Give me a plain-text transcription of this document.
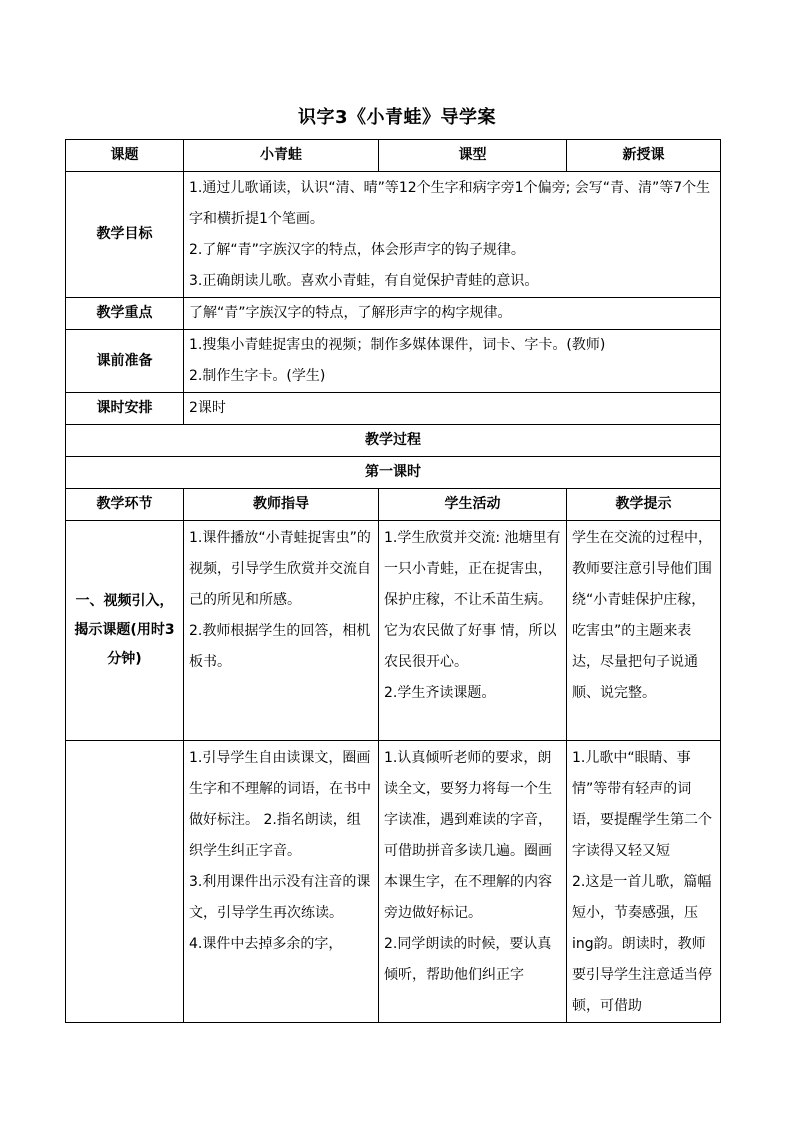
识字3《小青蛙》导学案
课题	小青蛙	课型	新授课
教学目标	1.通过儿歌诵读，认识“清、晴”等12个生字和病字旁1个偏旁; 会写“青、清”等7个生字和横折提1个笔画。
2.了解“青”字族汉字的特点，体会形声字的钩子规律。
3.正确朗读儿歌。喜欢小青蛙，有自觉保护青蛙的意识。		

教学重点	了解“青”字族汉字的特点，了解形声字的构字规律。		
课前准备	1.搜集小青蛙捉害虫的视频；制作多媒体课件，词卡、字卡。(教师)
2.制作生字卡。(学生)		

课时安排	2课时		
教学过程			
第一课时			
教学环节	教师指导	学生活动	教学提示
一、视频引入，揭示课题(用时3分钟)	1.课件播放“小青蛙捉害虫”的视频，引导学生欣赏并交流自己的所见和所感。
2.教师根据学生的回答，相机板书。	1.学生欣赏并交流: 池塘里有一只小青蛙，正在捉害虫，保护庄稼，不让禾苗生病。它为农民做了好事 情，所以农民很开心。
2.学生齐读课题。	学生在交流的过程中，教师要注意引导他们围绕“小青蛙保护庄稼，吃害虫”的主题来表达，尽量把句子说通顺、说完整。

	1.引导学生自由读课文，圈画生字和不理解的词语，在书中做好标注。 2.指名朗读，组织学生纠正字音。
3.利用课件出示没有注音的课文，引导学生再次练读。
4.课件中去掉多余的字，	1.认真倾听老师的要求，朗读全文，要努力将每一个生字读准，遇到难读的字音，可借助拼音多读几遍。圈画本课生字，在不理解的内容旁边做好标记。
2.同学朗读的时候，要认真倾听，帮助他们纠正字	1.儿歌中“眼睛、事情”等带有轻声的词语，要提醒学生第二个字读得又轻又短
2.这是一首儿歌，篇幅短小，节奏感强，压 ing韵。朗读时，教师要引导学生注意适当停顿，可借助
